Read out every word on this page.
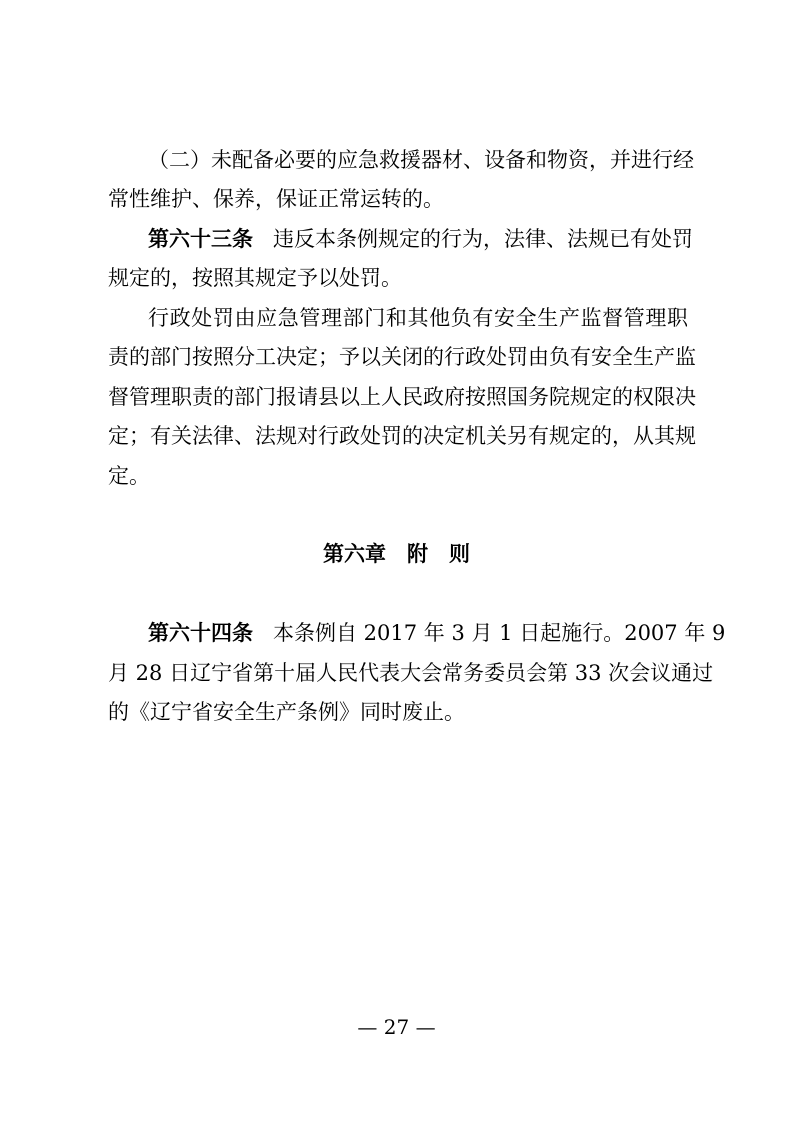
（二）未配备必要的应急救援器材、设备和物资，并进行经
常性维护、保养，保证正常运转的。
第六十三条 违反本条例规定的行为，法律、法规已有处罚
规定的，按照其规定予以处罚。
行政处罚由应急管理部门和其他负有安全生产监督管理职
责的部门按照分工决定；予以关闭的行政处罚由负有安全生产监
督管理职责的部门报请县以上人民政府按照国务院规定的权限决
定；有关法律、法规对行政处罚的决定机关另有规定的，从其规
定。
第六章　附　则
第六十四条 本条例自 2017 年 3 月 1 日起施行。2007 年 9
月 28 日辽宁省第十届人民代表大会常务委员会第 33 次会议通过
的《辽宁省安全生产条例》同时废止。
— 27 —
